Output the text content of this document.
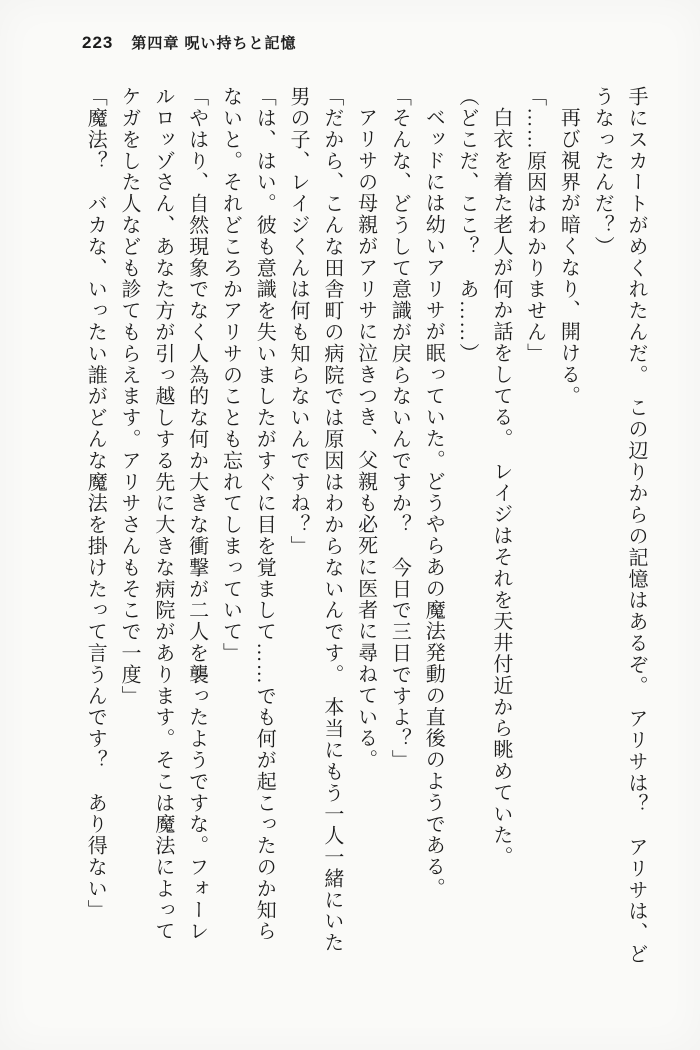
223 第四章 呪い持ちと記憶

手にスカートがめくれたんだ。　この辺りからの記憶はあるぞ。　アリサは？　アリサは、ど

うなったんだ？）

再び視界が暗くなり、開ける。

「……原因はわかりません」

白衣を着た老人が何か話をしてる。　レイジはそれを天井付近から眺めていた。

（どこだ、ここ？　あ……）

ベッドには幼いアリサが眠っていた。どうやらあの魔法発動の直後のようである。

「そんな、どうして意識が戻らないんですか？　今日で三日ですよ？」

アリサの母親がアリサに泣きつき、父親も必死に医者に尋ねている。

「だから、こんな田舎町の病院では原因はわからないんです。　本当にもう一人一緒にいた

男の子、レイジくんは何も知らないんですね？」

「は、はい。彼も意識を失いましたがすぐに目を覚まして……でも何が起こったのか知ら

ないと。それどころかアリサのことも忘れてしまっていて」

「やはり、自然現象でなく人為的な何か大きな衝撃が二人を襲ったようですな。フォーレ

ルロッゾさん、あなた方が引っ越しする先に大きな病院があります。そこは魔法によって

ケガをした人なども診てもらえます。アリサさんもそこで一度」

「魔法？　バカな、いったい誰がどんな魔法を掛けたって言うんです？　あり得ない」
